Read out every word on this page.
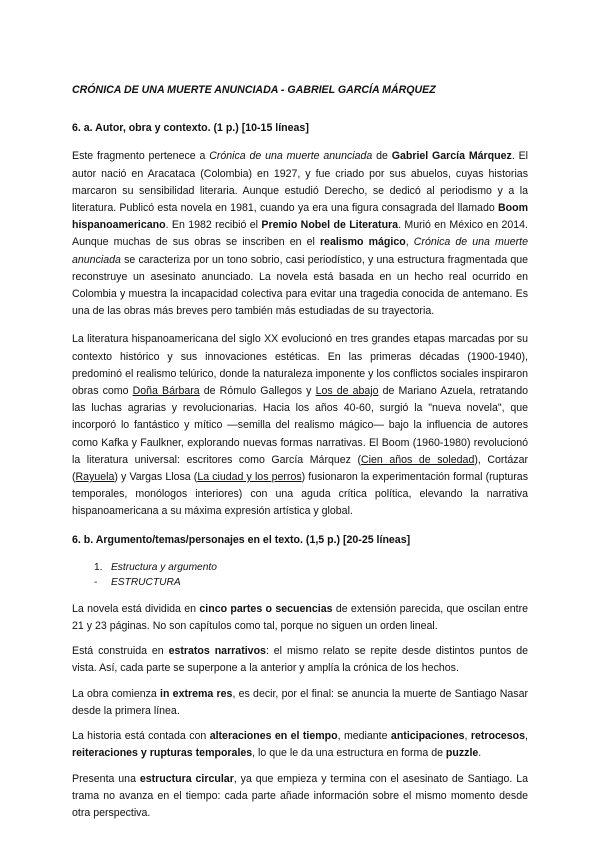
CRÓNICA DE UNA MUERTE ANUNCIADA - GABRIEL GARCÍA MÁRQUEZ

6. a. Autor, obra y contexto. (1 p.) [10-15 líneas]

Este fragmento pertenece a Crónica de una muerte anunciada de Gabriel García Márquez. El autor nació en Aracataca (Colombia) en 1927, y fue criado por sus abuelos, cuyas historias marcaron su sensibilidad literaria. Aunque estudió Derecho, se dedicó al periodismo y a la literatura. Publicó esta novela en 1981, cuando ya era una figura consagrada del llamado Boom hispanoamericano. En 1982 recibió el Premio Nobel de Literatura. Murió en México en 2014. Aunque muchas de sus obras se inscriben en el realismo mágico, Crónica de una muerte anunciada se caracteriza por un tono sobrio, casi periodístico, y una estructura fragmentada que reconstruye un asesinato anunciado. La novela está basada en un hecho real ocurrido en Colombia y muestra la incapacidad colectiva para evitar una tragedia conocida de antemano. Es una de las obras más breves pero también más estudiadas de su trayectoria.

La literatura hispanoamericana del siglo XX evolucionó en tres grandes etapas marcadas por su contexto histórico y sus innovaciones estéticas. En las primeras décadas (1900-1940), predominó el realismo telúrico, donde la naturaleza imponente y los conflictos sociales inspiraron obras como Doña Bárbara de Rómulo Gallegos y Los de abajo de Mariano Azuela, retratando las luchas agrarias y revolucionarias. Hacia los años 40-60, surgió la "nueva novela", que incorporó lo fantástico y mítico —semilla del realismo mágico— bajo la influencia de autores como Kafka y Faulkner, explorando nuevas formas narrativas. El Boom (1960-1980) revolucionó la literatura universal: escritores como García Márquez (Cien años de soledad), Cortázar (Rayuela) y Vargas Llosa (La ciudad y los perros) fusionaron la experimentación formal (rupturas temporales, monólogos interiores) con una aguda crítica política, elevando la narrativa hispanoamericana a su máxima expresión artística y global.

6. b. Argumento/temas/personajes en el texto. (1,5 p.) [20-25 líneas]

1. Estructura y argumento

- ESTRUCTURA

La novela está dividida en cinco partes o secuencias de extensión parecida, que oscilan entre 21 y 23 páginas. No son capítulos como tal, porque no siguen un orden lineal.

Está construida en estratos narrativos: el mismo relato se repite desde distintos puntos de vista. Así, cada parte se superpone a la anterior y amplía la crónica de los hechos.

La obra comienza in extrema res, es decir, por el final: se anuncia la muerte de Santiago Nasar desde la primera línea.

La historia está contada con alteraciones en el tiempo, mediante anticipaciones, retrocesos, reiteraciones y rupturas temporales, lo que le da una estructura en forma de puzzle.

Presenta una estructura circular, ya que empieza y termina con el asesinato de Santiago. La trama no avanza en el tiempo: cada parte añade información sobre el mismo momento desde otra perspectiva.
